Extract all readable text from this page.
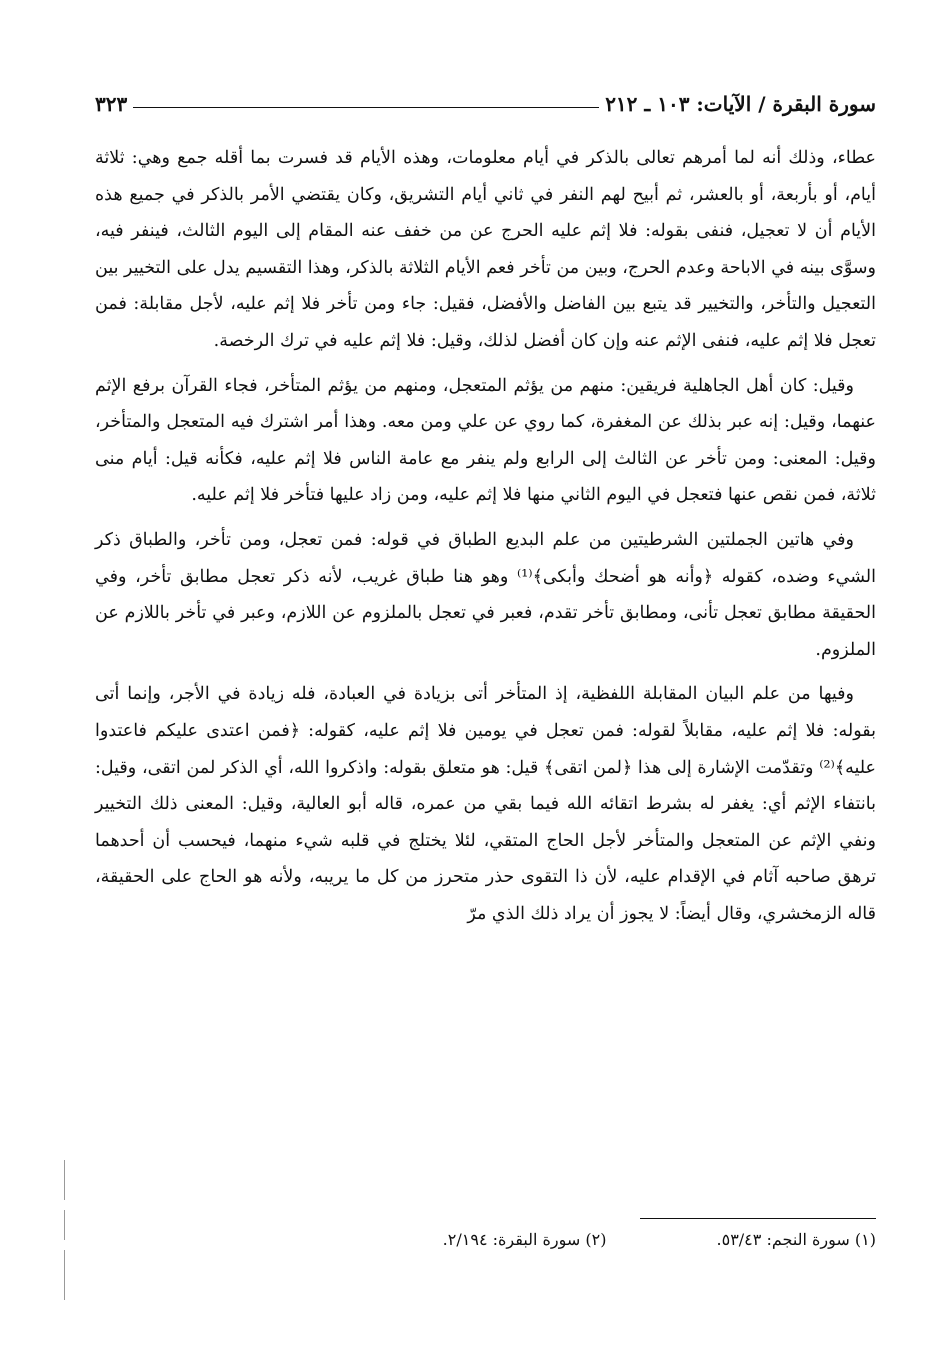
سورة البقرة / الآيات: ١٠٣ ـ ٢١٢
٣٢٣

عطاء، وذلك أنه لما أمرهم تعالى بالذكر في أيام معلومات، وهذه الأيام قد فسرت بما أقله جمع وهي: ثلاثة أيام، أو بأربعة، أو بالعشر، ثم أبيح لهم النفر في ثاني أيام التشريق، وكان يقتضي الأمر بالذكر في جميع هذه الأيام أن لا تعجيل، فنفى بقوله: فلا إثم عليه الحرج عن من خفف عنه المقام إلى اليوم الثالث، فينفر فيه، وسوَّى بينه في الاباحة وعدم الحرج، وبين من تأخر فعم الأيام الثلاثة بالذكر، وهذا التقسيم يدل على التخيير بين التعجيل والتأخر، والتخيير قد يتبع بين الفاضل والأفضل، فقيل: جاء ومن تأخر فلا إثم عليه، لأجل مقابلة: فمن تعجل فلا إثم عليه، فنفى الإثم عنه وإن كان أفضل لذلك، وقيل: فلا إثم عليه في ترك الرخصة.

وقيل: كان أهل الجاهلية فريقين: منهم من يؤثم المتعجل، ومنهم من يؤثم المتأخر، فجاء القرآن برفع الإثم عنهما، وقيل: إنه عبر بذلك عن المغفرة، كما روي عن علي ومن معه. وهذا أمر اشترك فيه المتعجل والمتأخر، وقيل: المعنى: ومن تأخر عن الثالث إلى الرابع ولم ينفر مع عامة الناس فلا إثم عليه، فكأنه قيل: أيام منى ثلاثة، فمن نقص عنها فتعجل في اليوم الثاني منها فلا إثم عليه، ومن زاد عليها فتأخر فلا إثم عليه.

وفي هاتين الجملتين الشرطيتين من علم البديع الطباق في قوله: فمن تعجل، ومن تأخر، والطباق ذكر الشيء وضده، كقوله ﴿وأنه هو أضحك وأبكى﴾⁽¹⁾ وهو هنا طباق غريب، لأنه ذكر تعجل مطابق تأخر، وفي الحقيقة مطابق تعجل تأنى، ومطابق تأخر تقدم، فعبر في تعجل بالملزوم عن اللازم، وعبر في تأخر باللازم عن الملزوم.

وفيها من علم البيان المقابلة اللفظية، إذ المتأخر أتى بزيادة في العبادة، فله زيادة في الأجر، وإنما أتى بقوله: فلا إثم عليه، مقابلاً لقوله: فمن تعجل في يومين فلا إثم عليه، كقوله: ﴿فمن اعتدى عليكم فاعتدوا عليه﴾⁽²⁾ وتقدّمت الإشارة إلى هذا ﴿لمن اتقى﴾ قيل: هو متعلق بقوله: واذكروا الله، أي الذكر لمن اتقى، وقيل: بانتفاء الإثم أي: يغفر له بشرط اتقائه الله فيما بقي من عمره، قاله أبو العالية، وقيل: المعنى ذلك التخيير ونفي الإثم عن المتعجل والمتأخر لأجل الحاج المتقي، لئلا يختلج في قلبه شيء منهما، فيحسب أن أحدهما ترهق صاحبه آثام في الإقدام عليه، لأن ذا التقوى حذر متحرز من كل ما يريبه، ولأنه هو الحاج على الحقيقة، قاله الزمخشري، وقال أيضاً: لا يجوز أن يراد ذلك الذي مرّ

(١) سورة النجم: ٥٣/٤٣.
(٢) سورة البقرة: ٢/١٩٤.
